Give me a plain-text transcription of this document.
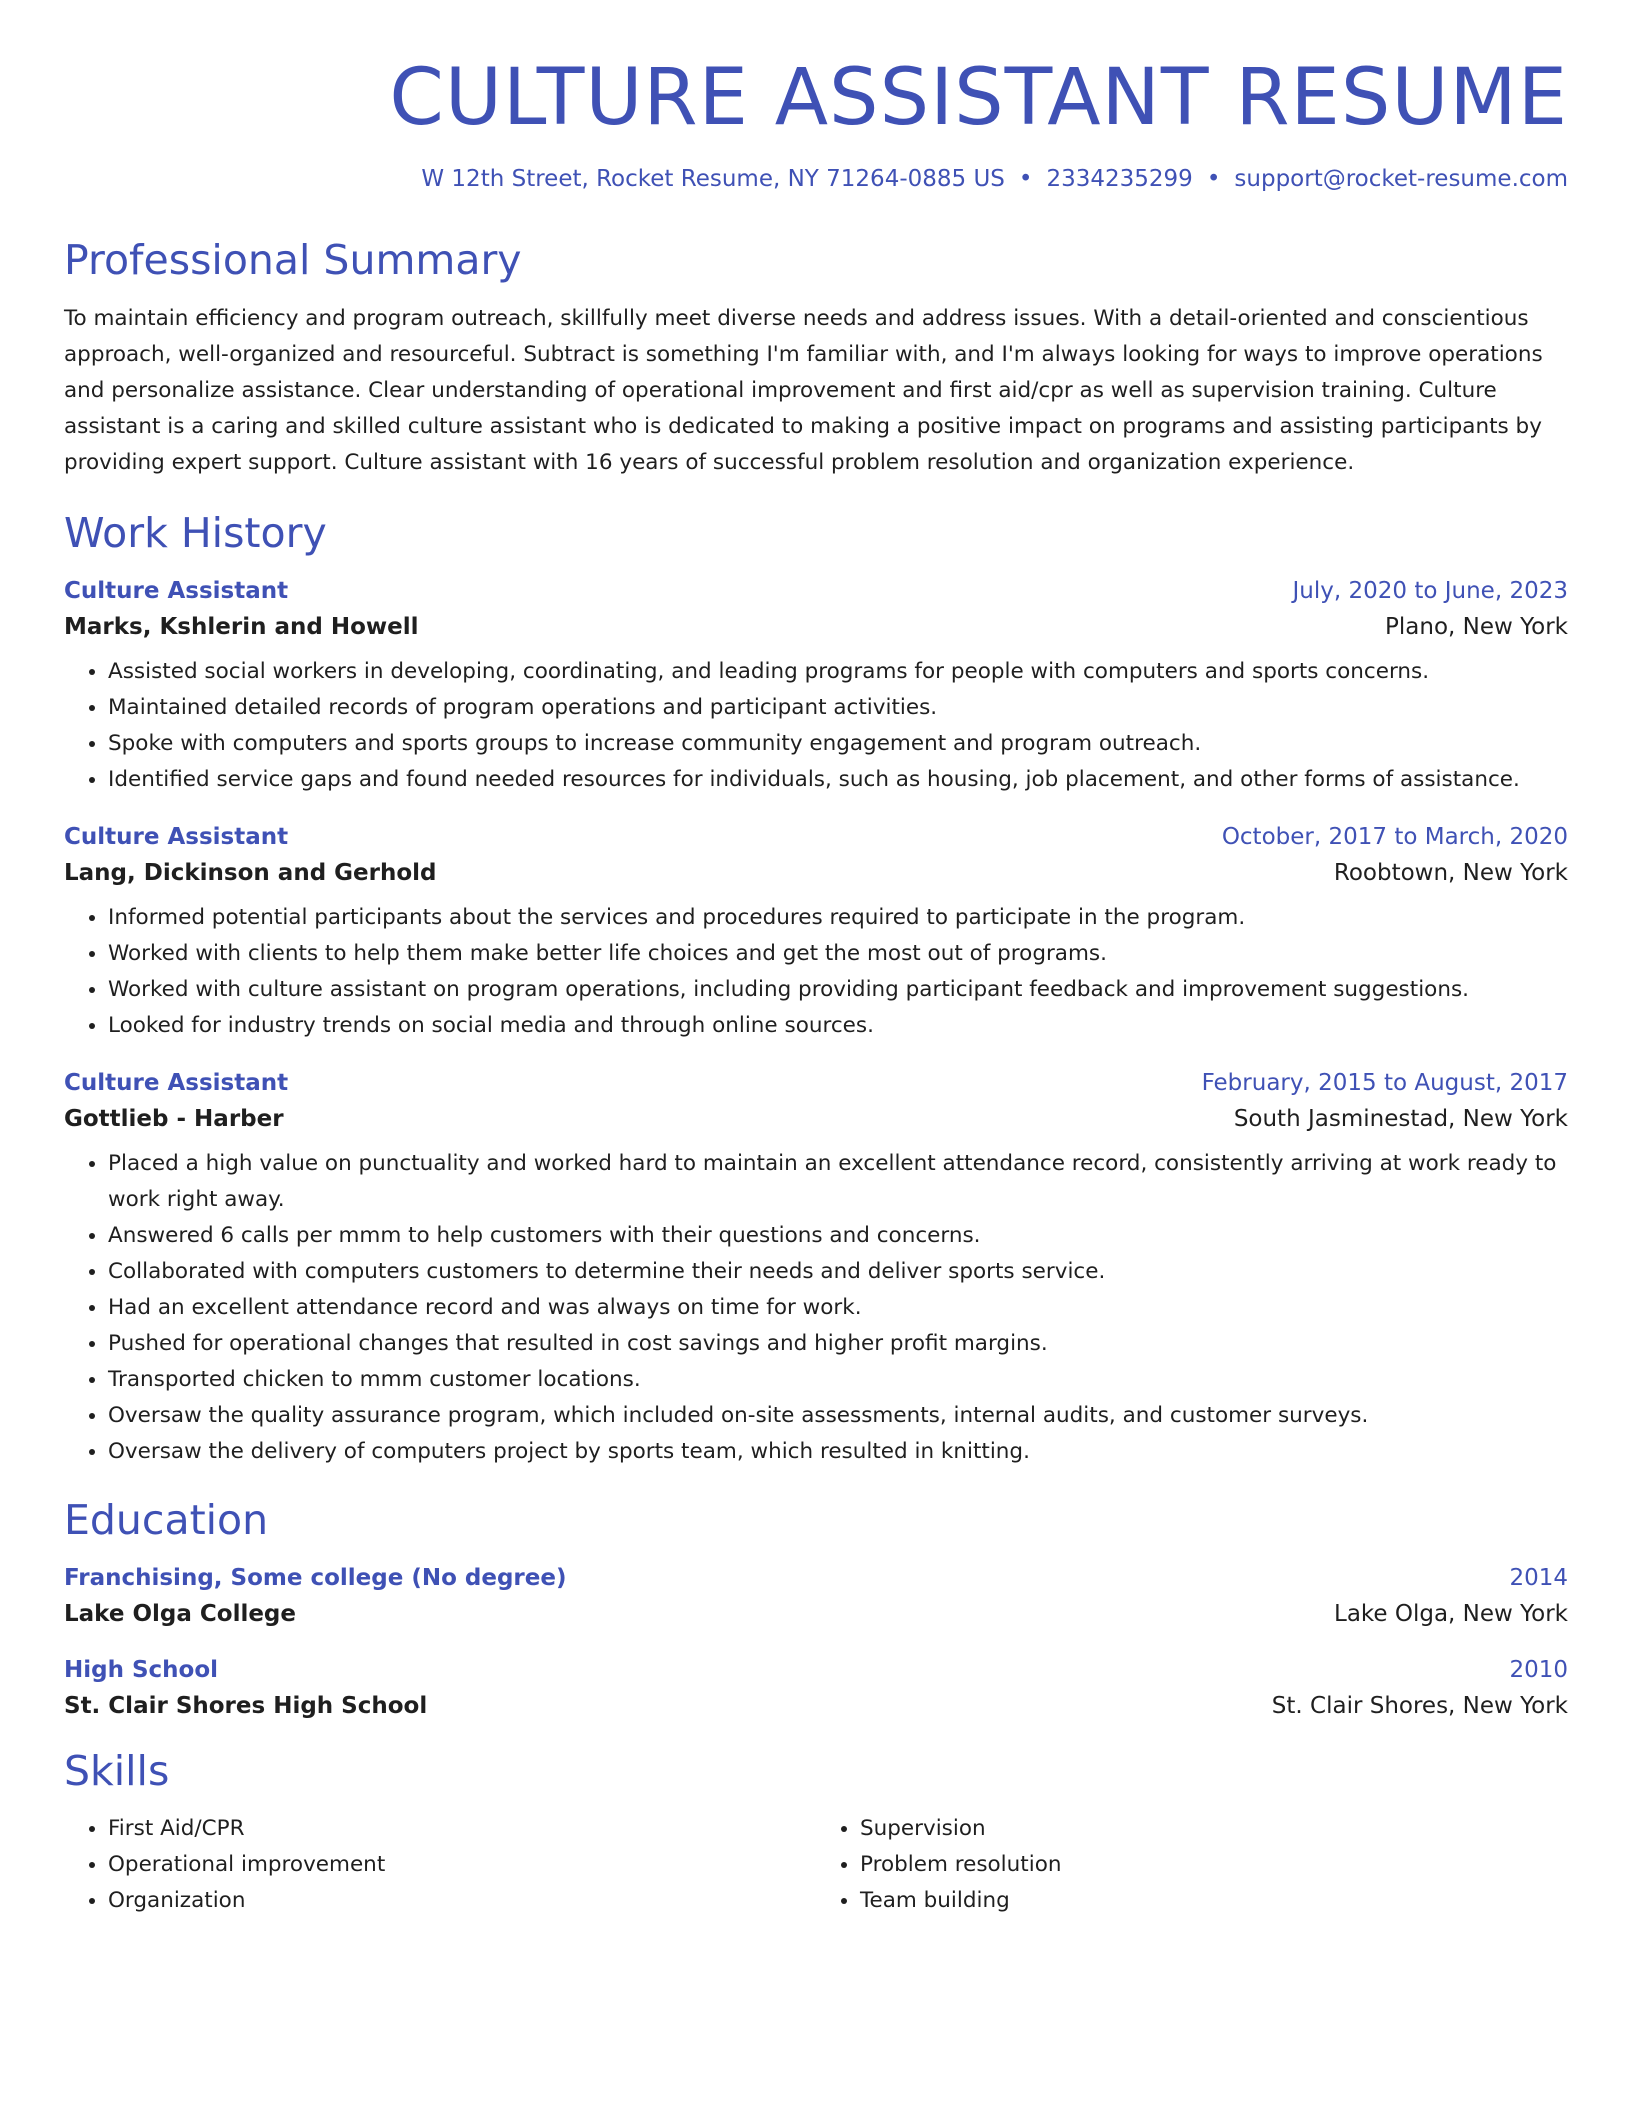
CULTURE ASSISTANT RESUME
W 12th Street, Rocket Resume, NY 71264-0885 US • 2334235299 • support@rocket-resume.com
Professional Summary
To maintain efficiency and program outreach, skillfully meet diverse needs and address issues. With a detail-oriented and conscientious approach, well-organized and resourceful. Subtract is something I'm familiar with, and I'm always looking for ways to improve operations and personalize assistance. Clear understanding of operational improvement and first aid/cpr as well as supervision training. Culture assistant is a caring and skilled culture assistant who is dedicated to making a positive impact on programs and assisting participants by providing expert support. Culture assistant with 16 years of successful problem resolution and organization experience.
Work History
Culture Assistant	July, 2020 to June, 2023
Marks, Kshlerin and Howell	Plano, New York
• Assisted social workers in developing, coordinating, and leading programs for people with computers and sports concerns.
• Maintained detailed records of program operations and participant activities.
• Spoke with computers and sports groups to increase community engagement and program outreach.
• Identified service gaps and found needed resources for individuals, such as housing, job placement, and other forms of assistance.
Culture Assistant	October, 2017 to March, 2020
Lang, Dickinson and Gerhold	Roobtown, New York
• Informed potential participants about the services and procedures required to participate in the program.
• Worked with clients to help them make better life choices and get the most out of programs.
• Worked with culture assistant on program operations, including providing participant feedback and improvement suggestions.
• Looked for industry trends on social media and through online sources.
Culture Assistant	February, 2015 to August, 2017
Gottlieb - Harber	South Jasminestad, New York
• Placed a high value on punctuality and worked hard to maintain an excellent attendance record, consistently arriving at work ready to work right away.
• Answered 6 calls per mmm to help customers with their questions and concerns.
• Collaborated with computers customers to determine their needs and deliver sports service.
• Had an excellent attendance record and was always on time for work.
• Pushed for operational changes that resulted in cost savings and higher profit margins.
• Transported chicken to mmm customer locations.
• Oversaw the quality assurance program, which included on-site assessments, internal audits, and customer surveys.
• Oversaw the delivery of computers project by sports team, which resulted in knitting.
Education
Franchising, Some college (No degree)	2014
Lake Olga College	Lake Olga, New York
High School	2010
St. Clair Shores High School	St. Clair Shores, New York
Skills
• First Aid/CPR
• Operational improvement
• Organization
• Supervision
• Problem resolution
• Team building
